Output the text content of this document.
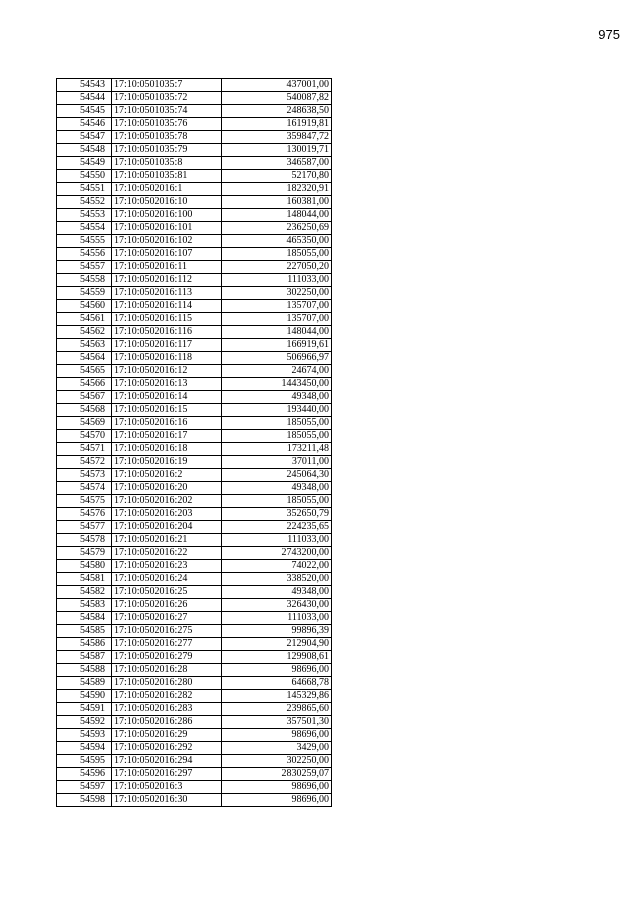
975
54543	17:10:0501035:7	437001,00
54544	17:10:0501035:72	540087,82
54545	17:10:0501035:74	248638,50
54546	17:10:0501035:76	161919,81
54547	17:10:0501035:78	359847,72
54548	17:10:0501035:79	130019,71
54549	17:10:0501035:8	346587,00
54550	17:10:0501035:81	52170,80
54551	17:10:0502016:1	182320,91
54552	17:10:0502016:10	160381,00
54553	17:10:0502016:100	148044,00
54554	17:10:0502016:101	236250,69
54555	17:10:0502016:102	465350,00
54556	17:10:0502016:107	185055,00
54557	17:10:0502016:11	227050,20
54558	17:10:0502016:112	111033,00
54559	17:10:0502016:113	302250,00
54560	17:10:0502016:114	135707,00
54561	17:10:0502016:115	135707,00
54562	17:10:0502016:116	148044,00
54563	17:10:0502016:117	166919,61
54564	17:10:0502016:118	506966,97
54565	17:10:0502016:12	24674,00
54566	17:10:0502016:13	1443450,00
54567	17:10:0502016:14	49348,00
54568	17:10:0502016:15	193440,00
54569	17:10:0502016:16	185055,00
54570	17:10:0502016:17	185055,00
54571	17:10:0502016:18	173211,48
54572	17:10:0502016:19	37011,00
54573	17:10:0502016:2	245064,30
54574	17:10:0502016:20	49348,00
54575	17:10:0502016:202	185055,00
54576	17:10:0502016:203	352650,79
54577	17:10:0502016:204	224235,65
54578	17:10:0502016:21	111033,00
54579	17:10:0502016:22	2743200,00
54580	17:10:0502016:23	74022,00
54581	17:10:0502016:24	338520,00
54582	17:10:0502016:25	49348,00
54583	17:10:0502016:26	326430,00
54584	17:10:0502016:27	111033,00
54585	17:10:0502016:275	99896,39
54586	17:10:0502016:277	212904,90
54587	17:10:0502016:279	129908,61
54588	17:10:0502016:28	98696,00
54589	17:10:0502016:280	64668,78
54590	17:10:0502016:282	145329,86
54591	17:10:0502016:283	239865,60
54592	17:10:0502016:286	357501,30
54593	17:10:0502016:29	98696,00
54594	17:10:0502016:292	3429,00
54595	17:10:0502016:294	302250,00
54596	17:10:0502016:297	2830259,07
54597	17:10:0502016:3	98696,00
54598	17:10:0502016:30	98696,00
